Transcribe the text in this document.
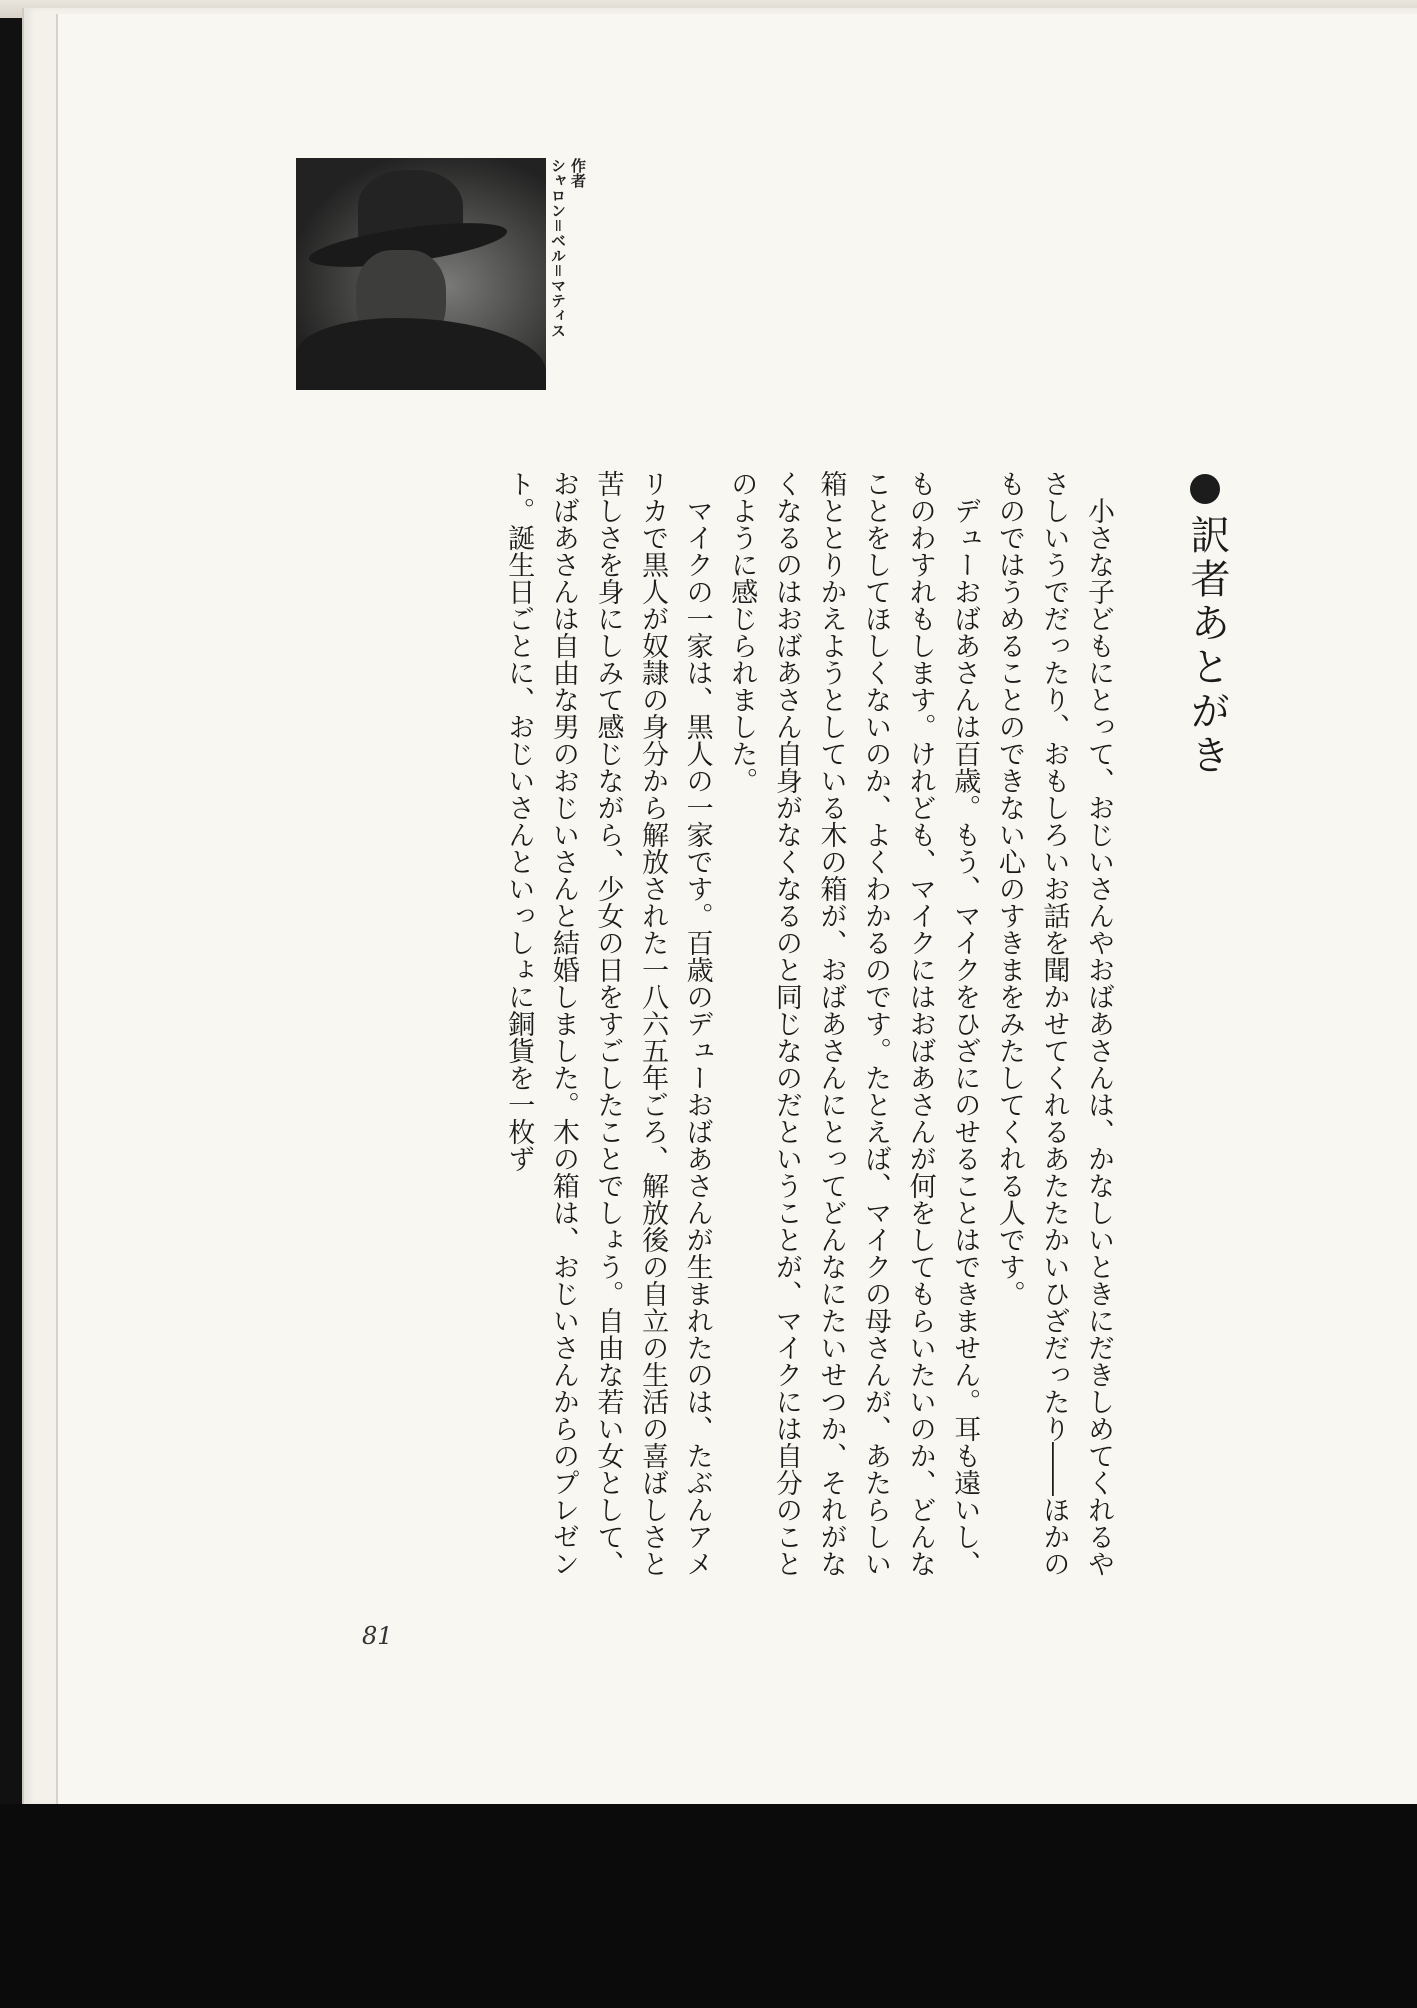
作者
シャロン＝ベル＝マティス
訳者あとがき

小さな子どもにとって、おじいさんやおばあさんは、かなしいときにだきしめてくれるやさしいうでだったり、おもしろいお話を聞かせてくれるあたたかいひざだったり――ほかのものではうめることのできない心のすきまをみたしてくれる人です。

デューおばあさんは百歳。もう、マイクをひざにのせることはできません。耳も遠いし、ものわすれもします。けれども、マイクにはおばあさんが何をしてもらいたいのか、どんなことをしてほしくないのか、よくわかるのです。たとえば、マイクの母さんが、あたらしい箱ととりかえようとしている木の箱が、おばあさんにとってどんなにたいせつか、それがなくなるのはおばあさん自身がなくなるのと同じなのだということが、マイクには自分のことのように感じられました。

マイクの一家は、黒人の一家です。百歳のデューおばあさんが生まれたのは、たぶんアメリカで黒人が奴隷の身分から解放された一八六五年ごろ、解放後の自立の生活の喜ばしさと苦しさを身にしみて感じながら、少女の日をすごしたことでしょう。自由な若い女として、おばあさんは自由な男のおじいさんと結婚しました。木の箱は、おじいさんからのプレゼント。誕生日ごとに、おじいさんといっしょに銅貨を一枚ず

81
